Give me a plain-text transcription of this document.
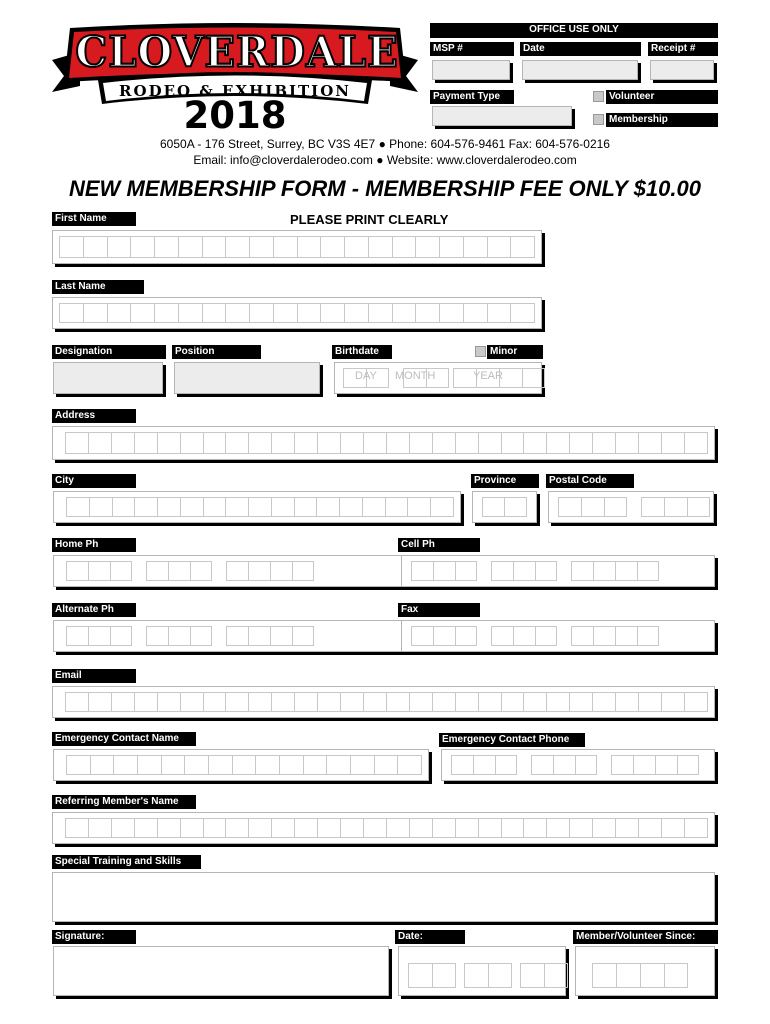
CLOVERDALE
RODEO & EXHIBITION
2018
OFFICE USE ONLY
MSP #	Date	Receipt #
Payment Type	Volunteer
Membership
6050A - 176 Street, Surrey, BC V3S 4E7 ● Phone: 604-576-9461 Fax: 604-576-0216
Email: info@cloverdalerodeo.com ● Website: www.cloverdalerodeo.com
NEW MEMBERSHIP FORM - MEMBERSHIP FEE ONLY $10.00
PLEASE PRINT CLEARLY
First Name
Last Name
Designation	Position	Birthdate	Minor
DAY MONTH	YEAR
Address
City	Province	Postal Code
Home Ph	Cell Ph
Alternate Ph	Fax
Email
Emergency Contact Name	Emergency Contact Phone
Referring Member's Name
Special Training and Skills
Signature:	Date:	Member/Volunteer Since:
